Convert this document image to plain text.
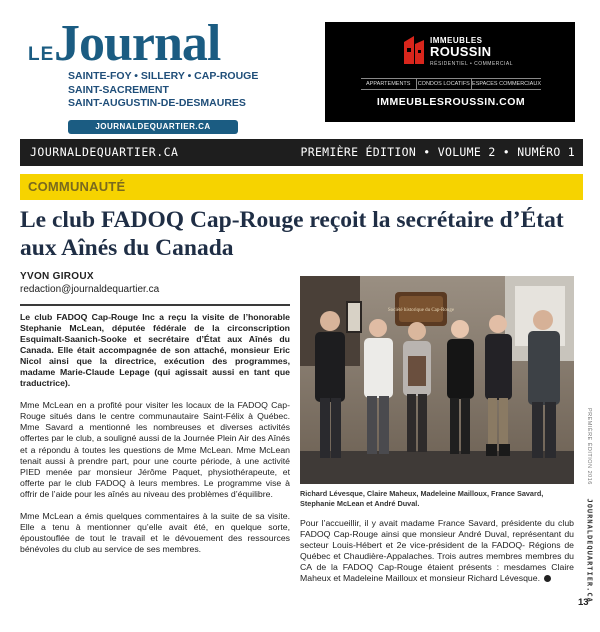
LE Journal
SAINTE-FOY • SILLERY • CAP-ROUGE
SAINT-SACREMENT
SAINT-AUGUSTIN-DE-DESMAURES
JOURNALDEQUARTIER.CA
IMMEUBLES
ROUSSIN
RÉSIDENTIEL • COMMERCIAL
APPARTEMENTS	CONDOS LOCATIFS ESPACES COMMERCIAUX
IMMEUBLESROUSSIN.COM
JOURNALDEQUARTIER.CA	PREMIÈRE ÉDITION • VOLUME 2 • NUMÉRO 1
COMMUNAUTÉ
Le club FADOQ Cap-Rouge reçoit la secrétaire d’État aux Aînés du Canada
YVON GIROUX
redaction@journaldequartier.ca

Le club FADOQ Cap-Rouge Inc a reçu la visite de l’honorable Stephanie McLean, députée fédérale de la circonscription Esquimalt-Saanich-Sooke et secrétaire d’État aux Aînés du Canada. Elle était accompagnée de son attaché, monsieur Eric Nicol ainsi que la directrice, exécution des programmes, madame Marie-Claude Lepage (qui agissait aussi en tant que traductrice).

Mme McLean en a profité pour visiter les locaux de la FADOQ Cap-Rouge situés dans le centre communautaire Saint-Félix à Québec. Mme Savard a mentionné les nombreuses et diverses activités offertes par le club, a souligné aussi de la Journée Plein Air des Aînés et a répondu à toutes les questions de Mme McLean. Mme McLean tenait aussi à prendre part, pour une courte période, à une activité PIED menée par monsieur Jérôme Paquet, physiothérapeute, et offerte par le club FADOQ à leurs membres. Le programme vise à offrir de l’aide pour les aînés au niveau des problèmes d’équilibre.

Mme McLean a émis quelques commentaires à la suite de sa visite. Elle a tenu à mentionner qu’elle avait été, en quelque sorte, époustouflée de tout le travail et le dévouement des ressources bénévoles du club au service de ses membres.

Société historique du Cap-Rouge
Richard Lévesque, Claire Maheux, Madeleine Mailloux, France Savard, Stephanie McLean et André Duval.
Pour l’accueillir, il y avait madame France Savard, présidente du club FADOQ Cap-Rouge ainsi que monsieur André Duval, représentant du secteur Louis-Hébert et 2e vice-président de la FADOQ- Régions de Québec et Chaudière-Appalaches. Trois autres membres membres du CA de la FADOQ Cap-Rouge étaient présents : mesdames Claire Maheux et Madeleine Mailloux et monsieur Richard Lévesque.
PREMIÈRE ÉDITION 2016
JOURNALDEQUARTIER.CA
13
